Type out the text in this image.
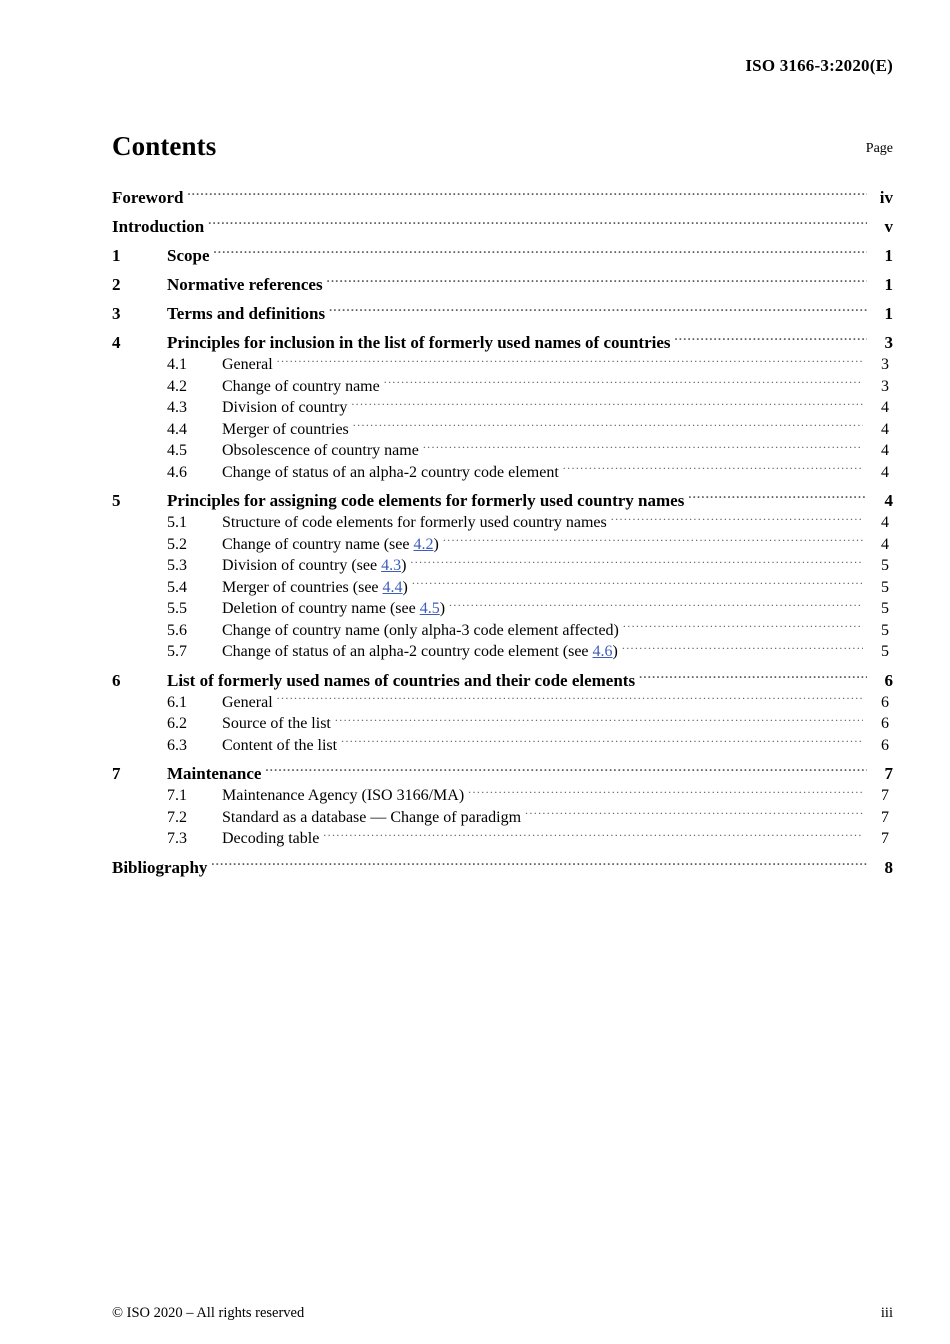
ISO 3166-3:2020(E)
Contents	Page
Foreword .....	iv
Introduction .....	v
1	Scope .....	1
2	Normative references .....	1
3	Terms and definitions .....	1
4	Principles for inclusion in the list of formerly used names of countries .....	3
4.1	General .....	3
4.2	Change of country name .....	3
4.3	Division of country .....	4
4.4	Merger of countries .....	4
4.5	Obsolescence of country name .....	4
4.6	Change of status of an alpha-2 country code element .....	4
5	Principles for assigning code elements for formerly used country names .....	4
5.1	Structure of code elements for formerly used country names .....	4
5.2	Change of country name (see 4.2) .....	4
5.3	Division of country (see 4.3) .....	5
5.4	Merger of countries (see 4.4) .....	5
5.5	Deletion of country name (see 4.5) .....	5
5.6	Change of country name (only alpha-3 code element affected) .....	5
5.7	Change of status of an alpha-2 country code element (see 4.6) .....	5
6	List of formerly used names of countries and their code elements .....	6
6.1	General .....	6
6.2	Source of the list .....	6
6.3	Content of the list .....	6
7	Maintenance .....	7
7.1	Maintenance Agency (ISO 3166/MA) .....	7
7.2	Standard as a database — Change of paradigm .....	7
7.3	Decoding table .....	7
Bibliography .....	8
© ISO 2020 – All rights reserved	iii
